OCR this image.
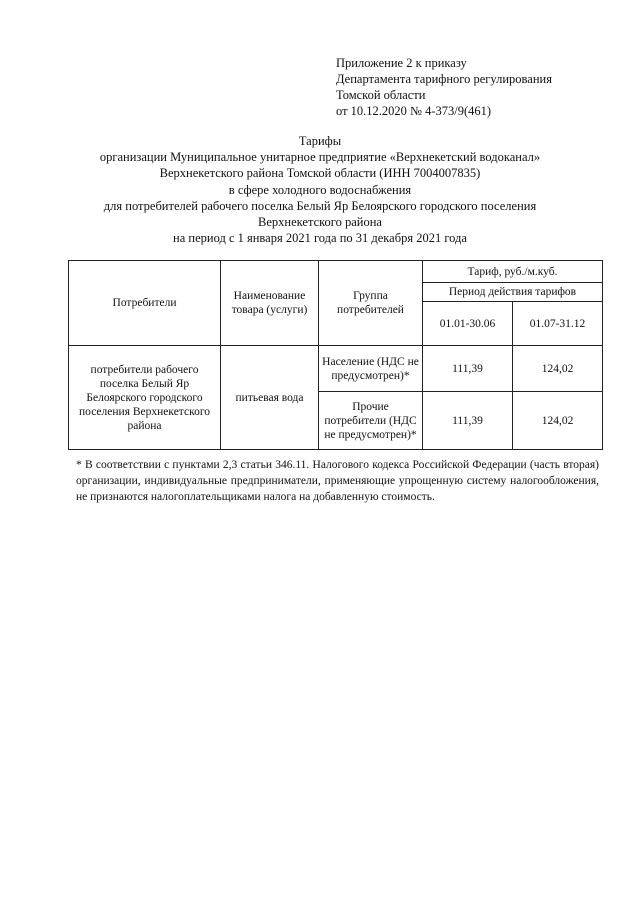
Приложение 2 к приказу
Департамента тарифного регулирования
Томской области
от 10.12.2020 № 4-373/9(461)
Тарифы
организации Муниципальное унитарное предприятие «Верхнекетский водоканал»
Верхнекетского района Томской области (ИНН 7004007835)
в сфере холодного водоснабжения
для потребителей рабочего поселка Белый Яр Белоярского городского поселения
Верхнекетского района
на период с 1 января 2021 года по 31 декабря 2021 года
Потребители	Наименование товара (услуги)	Группа потребителей	Тариф, руб./м.куб.	
			Период действия тарифов	
			01.01-30.06	01.07-31.12
потребители рабочего поселка Белый Яр Белоярского городского поселения Верхнекетского района	питьевая вода	Население (НДС не предусмотрен)*	111,39	124,02
		Прочие потребители (НДС не предусмотрен)*	111,39	124,02
* В соответствии с пунктами 2,3 статьи 346.11. Налогового кодекса Российской Федерации (часть вторая) организации, индивидуальные предприниматели, применяющие упрощенную систему налогообложения, не признаются налогоплательщиками налога на добавленную стоимость.
